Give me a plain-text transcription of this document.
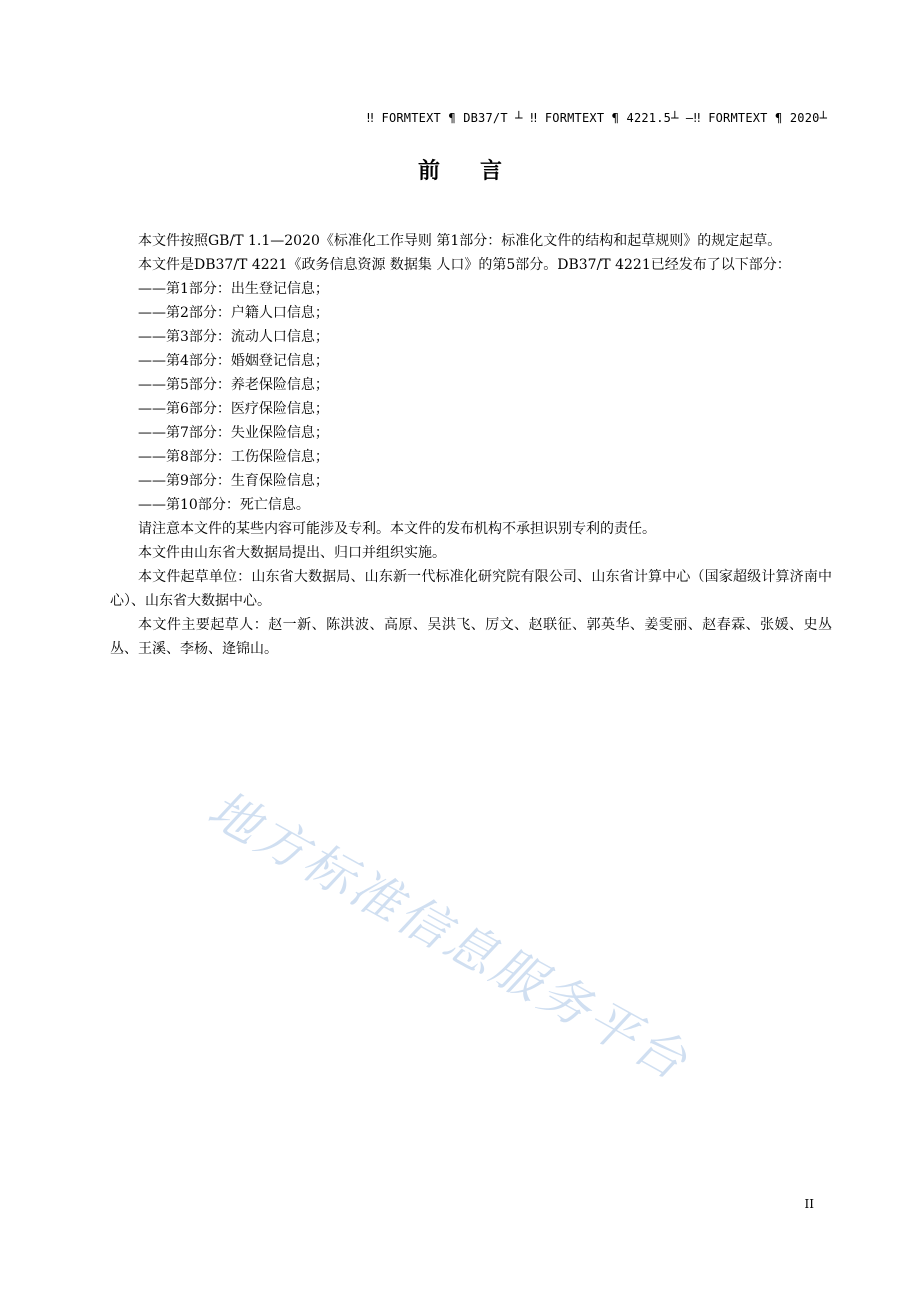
‼ FORMTEXT ¶ DB37/T ┴ ‼ FORMTEXT ¶ 4221.5┴ —‼ FORMTEXT ¶ 2020┴
前言

本文件按照GB/T 1.1—2020《标准化工作导则 第1部分：标准化文件的结构和起草规则》的规定起草。

本文件是DB37/T 4221《政务信息资源 数据集 人口》的第5部分。DB37/T 4221已经发布了以下部分：

——第1部分：出生登记信息；

——第2部分：户籍人口信息；

——第3部分：流动人口信息；

——第4部分：婚姻登记信息；

——第5部分：养老保险信息；

——第6部分：医疗保险信息；

——第7部分：失业保险信息；

——第8部分：工伤保险信息；

——第9部分：生育保险信息；

——第10部分：死亡信息。

请注意本文件的某些内容可能涉及专利。本文件的发布机构不承担识别专利的责任。

本文件由山东省大数据局提出、归口并组织实施。

本文件起草单位：山东省大数据局、山东新一代标准化研究院有限公司、山东省计算中心（国家超级计算济南中心）、山东省大数据中心。

本文件主要起草人：赵一新、陈洪波、高原、吴洪飞、厉文、赵联征、郭英华、姜雯丽、赵春霖、张媛、史丛丛、王溪、李杨、逄锦山。

地方标准信息服务平台
II
